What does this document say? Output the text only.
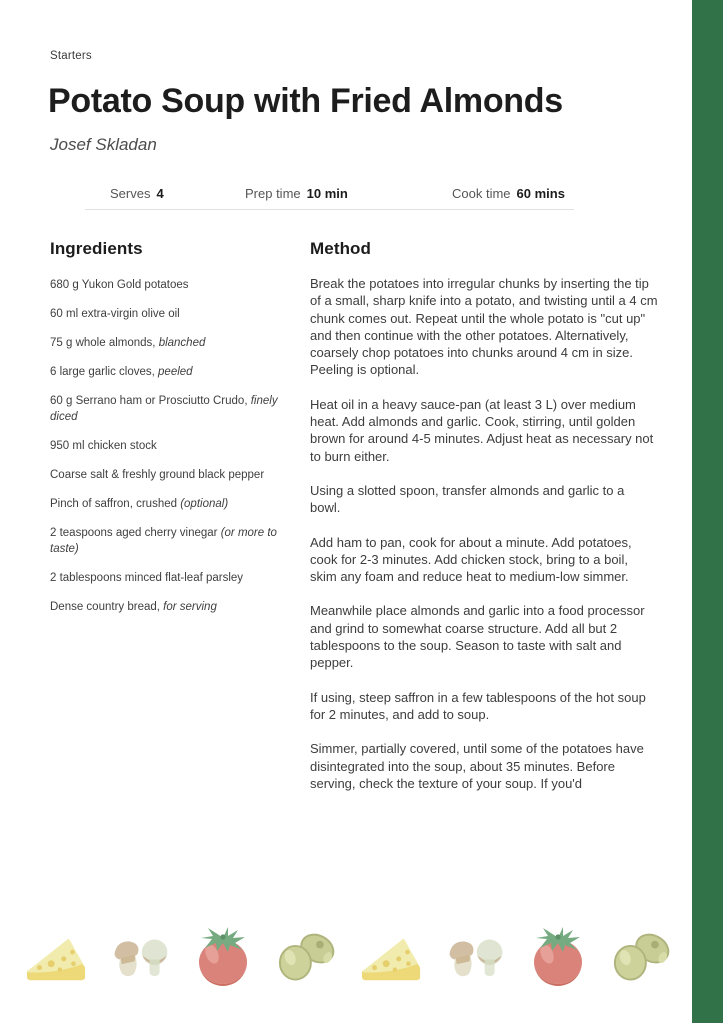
Starters
Potato Soup with Fried Almonds
Josef Skladan
Serves 4	Prep time 10 min	Cook time 60 mins
Ingredients
680 g Yukon Gold potatoes
60 ml extra-virgin olive oil
75 g whole almonds, blanched
6 large garlic cloves, peeled
60 g Serrano ham or Prosciutto Crudo, finely diced
950 ml chicken stock
Coarse salt & freshly ground black pepper
Pinch of saffron, crushed (optional)
2 teaspoons aged cherry vinegar (or more to taste)
2 tablespoons minced flat-leaf parsley
Dense country bread, for serving
Method

Break the potatoes into irregular chunks by inserting the tip of a small, sharp knife into a potato, and twisting until a 4 cm chunk comes out. Repeat until the whole potato is "cut up" and then continue with the other potatoes. Alternatively, coarsely chop potatoes into chunks around 4 cm in size. Peeling is optional.

Heat oil in a heavy sauce-pan (at least 3 L) over medium heat. Add almonds and garlic. Cook, stirring, until golden brown for around 4-5 minutes. Adjust heat as necessary not to burn either.

Using a slotted spoon, transfer almonds and garlic to a bowl.

Add ham to pan, cook for about a minute. Add potatoes, cook for 2-3 minutes. Add chicken stock, bring to a boil, skim any foam and reduce heat to medium-low simmer.

Meanwhile place almonds and garlic into a food processor and grind to somewhat coarse structure. Add all but 2 tablespoons to the soup. Season to taste with salt and pepper.

If using, steep saffron in a few tablespoons of the hot soup for 2 minutes, and add to soup.

Simmer, partially covered, until some of the potatoes have disintegrated into the soup, about 35 minutes. Before serving, check the texture of your soup. If you'd
